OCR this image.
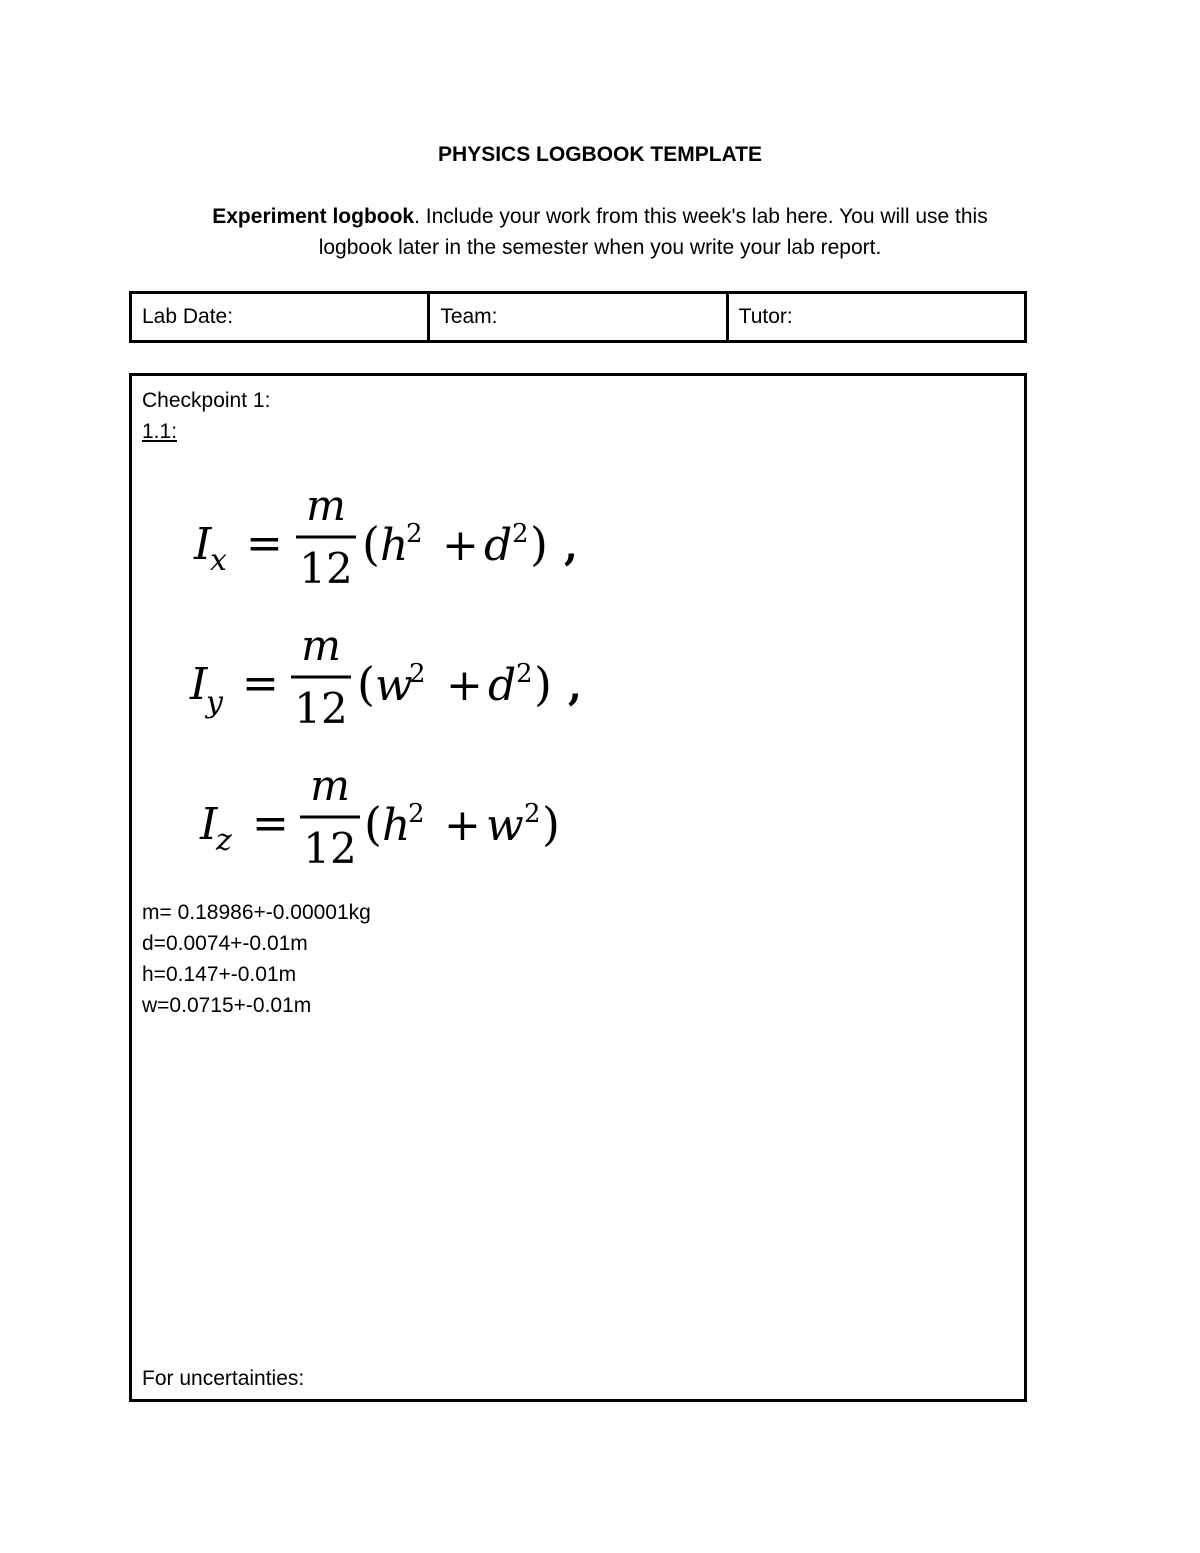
PHYSICS LOGBOOK TEMPLATE
Experiment logbook. Include your work from this week's lab here. You will use this
logbook later in the semester when you write your lab report.
Lab Date:	Team:	Tutor:
Checkpoint 1:
1.1:
I
x =
m
12 ( h
2 + d 2 ) ,
I
y =
m
12 ( w
2 + d 2 ) ,
I
z =
m
12 ( h
2 + w 2 )
m= 0.18986+-0.00001kg
d=0.0074+-0.01m
h=0.147+-0.01m
w=0.0715+-0.01m
For uncertainties:
